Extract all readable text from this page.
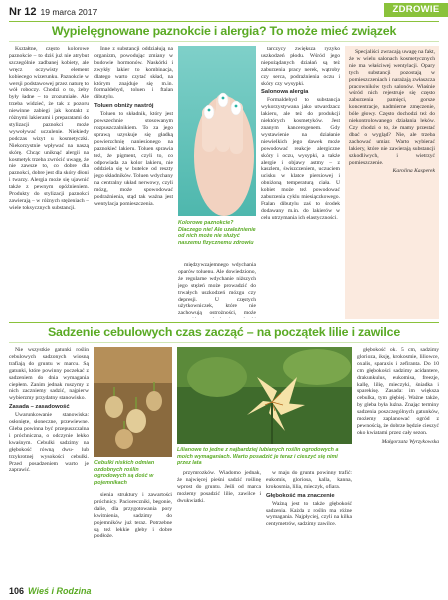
Nr 12 19 marca 2017	ZDROWIE
Wypielęgnowane paznokcie i alergia? To może mieć związek

Kształtne, często kolorowe paznokcie – to dziś już nie atrybut szczególnie zadbanej kobiety, ale wręcz oczywisty element kobiecego wizerunku. Paznokcie w wersji podstawowej przez naturę to wół roboczy. Chodzi o to, żeby były ładne – to zrozumiałe. Ale trzeba widzieć, że tak z pozoru niewinne zabiegi jak kontakt z różnymi lakierami i preparatami do stylizacji paznokci może wywoływać uczulenie. Niekiedy podczas wizyt u kosmetyczki. Niekorzystnie wpływać na naszą skórę. Chcąc uniknąć alergii na kosmetyk trzeba zwrócić uwagę, że nie zawsze to, co dobre dla paznokci, dobre jest dla skóry dłoni i twarzy. Alergia może się ujawnić także z pewnym opóźnieniem. Produkty do stylizacji paznokci zawierają – w różnych stężeniach – wiele toksycznych substancji.

Inne z substancji oddziałują na organizm, powodując zmiany w budowie hormonów. Naskórki i zwykły lakier to kombinacja, dlatego warto czytać skład, na którym znajduje się m.in. formaldehyd, toluen i ftalan dibutylu.

Toluen obniży nastrój

Toluen to składnik, który jest powszechnie stosowanym rozpuszczalnikiem. To za jego sprawą uzyskuje się gładką powierzchnię naniesionego na paznokieć lakieru. Toluen sprawia też, że pigment, czyli to, co odpowiada za kolor lakieru, nie oddziela się w butelce od reszty jego składników. Toluen wdychany na centralny układ nerwowy, czyli mózg, może spowodować podrażnienia, stąd tak ważna jest wentylacja pomieszczenia.

Kolorowe paznokcie? Dlaczego nie! Ale uzależnienie od nich może nie służyć naszemu fizycznemu zdrowiu

międzywzajemnego wdychania oparów toluenu. Ale dowiedziono, że regularne wdychanie niższych jego stężeń może prowadzić do trwałych uszkodzeń mózgu czy depresji. U częstych użytkowniczek, które nie zachowują ostrożności, może

tarczycy zwiększa ryzyko uszkodzeń płodu. Wśród jego niepożądanych działań są też zaburzenia pracy nerek, wątroby czy serca, podrażnienia oczu i skóry czy wysypki.

Salonowa alergia

Formaldehyd to substancja wykorzystywana jako utwardzacz lakieru, ale też do produkcji niektórych kosmetyków. Jest znanym kancerogenem. Gdy wystawienie na działanie niewielkich jego dawek może powodować reakcje alergiczne skóry i oczu, wysypki, a także alergie i objawy astmy – z kaszlem, świszczeniem, uczuciem ucisku w klatce piersiowej i obniżoną temperaturą ciała. U kobiet może też powodować zaburzenia cyklu miesiączkowego. Ftalan dibutylu zaś to środek dodawany m.in. do lakierów w celu utrzymania ich elastyczności.

Specjaliści zwracają uwagę na fakt, że w wielu salonach kosmetycznych nie ma właściwej wentylacji. Opary tych substancji pozostają w pomieszczeniach i narażają zwłaszcza pracowników tych salonów. Właśnie wśród nich rejestruje się często zaburzenia pamięci, gorsze koncentracje, nadmierne zmęczenie, bóle głowy. Często dochodzi też do niekontrolowanego działania leków. Czy chodzi o to, że mamy przestać dbać o wygląd? Nie, ale trzeba zachować umiar. Warto wybierać lakiery, które nie zawierają substancji szkodliwych, i wietrzyć pomieszczenie.

Karolina Kasperek

Sadzenie cebulowych czas zacząć – na początek lilie i zawilce

Nie wszystkie gatunki roślin cebulowych sadzonych wiosną trafiają do gruntu w marcu. Są gatunki, które powinny poczekać z sadzeniem do dnia wymagania ciepłem. Zanim jednak ruszymy z nich zaczniemy sadzić, najpierw wybierzmy przydatny stanowisko.

Zasada – zasadowość

Uwarunkowanie stanowiska: osłonięte, słoneczne, przewiewne. Gleba powinna być przepuszczalna i próchniczna, o odczynie lekko kwaśnym. Cebulki sadzimy na głębokość równą dwu- lub trzykrotnej wysokości cebulki. Przed posadzeniem warto je zaprawić.

Cebulki niskich odmian ozdobnych roślin ogrodowych są dość w pojemnikach

sienia struktury i zawartości próchnicy. Pacioreczniki, begonie, dalie, dla przygotowania pory kwitnienia, sadzimy do pojemników już teraz. Potrzebne są też lekkie gleby i dobre podłoże.

Lilianowe to jedne z najbardziej lubianych roślin ogrodowych a moich wymaganiach. Warto posadzić je teraz i cieszyć się nimi przez lata

przymrozków. Wiadomo jednak, że najwięcej pieśni sadzić roślinę wprost do gruntu. Jeśli od marca możemy posadzić lilie, zawilce i dwukwiatki.

w maju do gruntu powinny trafić: eukomis, gloriosa, kalla, kanna, krokosmia, lilia, mieczyk, ofiara.

Głębokość ma znaczenie

Ważną jest to także głębokość sadzenia. Każda z roślin ma różne wymagania. Najpłyciej, czyli na kilka centymetrów, sadzimy zawilce.

głębokość ok. 5 cm, sadzimy glorioza, iksję, krokosmie, liliowce, oxalis, sparaxis i zefiranta. Do 10 cm głębokości sadzimy acidantere, drakunkulus, eukomisa, freezje, kallę, lilię, mieczyki, śniadka i sparekisę. Zasada: im większa cebulka, tym głębiej. Ważne także, by gleba była luźna. Znając terminy sadzenia poszczególnych gatunków, możemy zaplanować ogród z pewnością, że dobrze będzie cieszyć oko kwiatami przez cały sezon.

Małgorzata Wyrzykowska

106 Wieś i Rodzina
